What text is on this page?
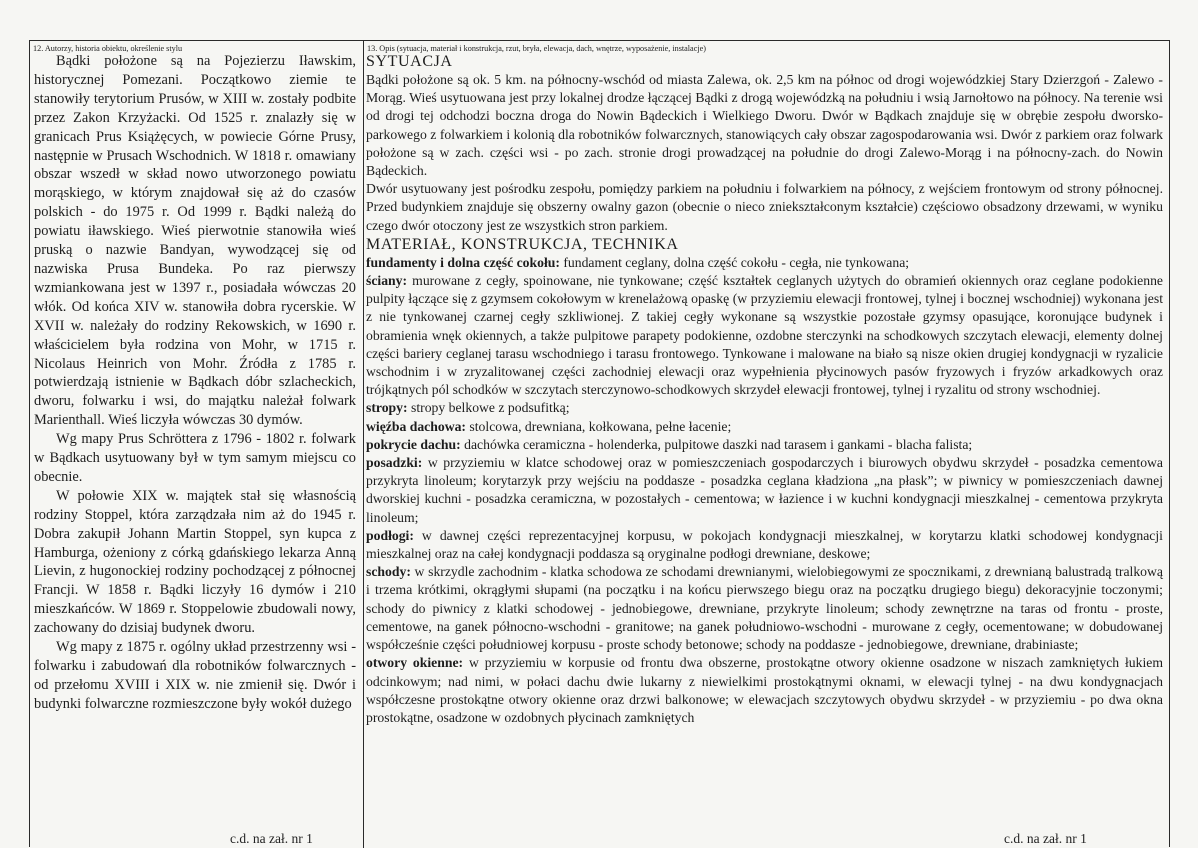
12. Autorzy, historia obiektu, określenie stylu	13. Opis (sytuacja, materiał i konstrukcja, rzut, bryła, elewacja, dach, wnętrze, wyposażenie, instalacje)

Bądki położone są na Pojezierzu Iławskim, historycznej Pomezani. Początkowo ziemie te stanowiły terytorium Prusów, w XIII w. zostały podbite przez Zakon Krzyżacki. Od 1525 r. znalazły się w granicach Prus Książęcych, w powiecie Górne Prusy, następnie w Prusach Wschodnich. W 1818 r. omawiany obszar wszedł w skład nowo utworzonego powiatu morąskiego, w którym znajdował się aż do czasów polskich - do 1975 r. Od 1999 r. Bądki należą do powiatu iławskiego. Wieś pierwotnie stanowiła wieś pruską o nazwie Bandyan, wywodzącej się od nazwiska Prusa Bundeka. Po raz pierwszy wzmiankowana jest w 1397 r., posiadała wówczas 20 włók. Od końca XIV w. stanowiła dobra rycerskie. W XVII w. należały do rodziny Rekowskich, w 1690 r. właścicielem była rodzina von Mohr, w 1715 r. Nicolaus Heinrich von Mohr. Źródła z 1785 r. potwierdzają istnienie w Bądkach dóbr szlacheckich, dworu, folwarku i wsi, do majątku należał folwark Marienthall. Wieś liczyła wówczas 30 dymów.

Wg mapy Prus Schröttera z 1796 - 1802 r. folwark w Bądkach usytuowany był w tym samym miejscu co obecnie.

W połowie XIX w. majątek stał się własnością rodziny Stoppel, która zarządzała nim aż do 1945 r. Dobra zakupił Johann Martin Stoppel, syn kupca z Hamburga, ożeniony z córką gdańskiego lekarza Anną Lievin, z hugonockiej rodziny pochodzącej z północnej Francji. W 1858 r. Bądki liczyły 16 dymów i 210 mieszkańców. W 1869 r. Stoppelowie zbudowali nowy, zachowany do dzisiaj budynek dworu.

Wg mapy z 1875 r. ogólny układ przestrzenny wsi - folwarku i zabudowań dla robotników folwarcznych - od przełomu XVIII i XIX w. nie zmienił się. Dwór i budynki folwarczne rozmieszczone były wokół dużego

SYTUACJA

Bądki położone są ok. 5 km. na północny-wschód od miasta Zalewa, ok. 2,5 km na północ od drogi wojewódzkiej Stary Dzierzgoń - Zalewo - Morąg. Wieś usytuowana jest przy lokalnej drodze łączącej Bądki z drogą wojewódzką na południu i wsią Jarnołtowo na północy. Na terenie wsi od drogi tej odchodzi boczna droga do Nowin Bądeckich i Wielkiego Dworu. Dwór w Bądkach znajduje się w obrębie zespołu dworsko-parkowego z folwarkiem i kolonią dla robotników folwarcznych, stanowiących cały obszar zagospodarowania wsi. Dwór z parkiem oraz folwark położone są w zach. części wsi - po zach. stronie drogi prowadzącej na południe do drogi Zalewo-Morąg i na północny-zach. do Nowin Bądeckich.

Dwór usytuowany jest pośrodku zespołu, pomiędzy parkiem na południu i folwarkiem na północy, z wejściem frontowym od strony północnej. Przed budynkiem znajduje się obszerny owalny gazon (obecnie o nieco zniekształconym kształcie) częściowo obsadzony drzewami, w wyniku czego dwór otoczony jest ze wszystkich stron parkiem.

MATERIAŁ, KONSTRUKCJA, TECHNIKA

fundamenty i dolna część cokołu: fundament ceglany, dolna część cokołu - cegła, nie tynkowana;

ściany: murowane z cegły, spoinowane, nie tynkowane; część kształtek ceglanych użytych do obramień okiennych oraz ceglane podokienne pulpity łączące się z gzymsem cokołowym w krenelażową opaskę (w przyziemiu elewacji frontowej, tylnej i bocznej wschodniej) wykonana jest z nie tynkowanej czarnej cegły szkliwionej. Z takiej cegły wykonane są wszystkie pozostałe gzymsy opasujące, koronujące budynek i obramienia wnęk okiennych, a także pulpitowe parapety podokienne, ozdobne sterczynki na schodkowych szczytach elewacji, elementy dolnej części bariery ceglanej tarasu wschodniego i tarasu frontowego. Tynkowane i malowane na biało są nisze okien drugiej kondygnacji w ryzalicie wschodnim i w zryzalitowanej części zachodniej elewacji oraz wypełnienia płycinowych pasów fryzowych i fryzów arkadkowych oraz trójkątnych pól schodków w szczytach sterczynowo-schodkowych skrzydeł elewacji frontowej, tylnej i ryzalitu od strony wschodniej.

stropy: stropy belkowe z podsufitką;

więźba dachowa: stolcowa, drewniana, kołkowana, pełne łacenie;

pokrycie dachu: dachówka ceramiczna - holenderka, pulpitowe daszki nad tarasem i gankami - blacha falista;

posadzki: w przyziemiu w klatce schodowej oraz w pomieszczeniach gospodarczych i biurowych obydwu skrzydeł - posadzka cementowa przykryta linoleum; korytarzyk przy wejściu na poddasze - posadzka ceglana kładziona „na płask”; w piwnicy w pomieszczeniach dawnej dworskiej kuchni - posadzka ceramiczna, w pozostałych - cementowa; w łazience i w kuchni kondygnacji mieszkalnej - cementowa przykryta linoleum;

podłogi: w dawnej części reprezentacyjnej korpusu, w pokojach kondygnacji mieszkalnej, w korytarzu klatki schodowej kondygnacji mieszkalnej oraz na całej kondygnacji poddasza są oryginalne podłogi drewniane, deskowe;

schody: w skrzydle zachodnim - klatka schodowa ze schodami drewnianymi, wielobiegowymi ze spocznikami, z drewnianą balustradą tralkową i trzema krótkimi, okrągłymi słupami (na początku i na końcu pierwszego biegu oraz na początku drugiego biegu) dekoracyjnie toczonymi; schody do piwnicy z klatki schodowej - jednobiegowe, drewniane, przykryte linoleum; schody zewnętrzne na taras od frontu - proste, cementowe, na ganek północno-wschodni - granitowe; na ganek południowo-wschodni - murowane z cegły, ocementowane; w dobudowanej współcześnie części południowej korpusu - proste schody betonowe; schody na poddasze - jednobiegowe, drewniane, drabiniaste;

otwory okienne: w przyziemiu w korpusie od frontu dwa obszerne, prostokątne otwory okienne osadzone w niszach zamkniętych łukiem odcinkowym; nad nimi, w połaci dachu dwie lukarny z niewielkimi prostokątnymi oknami, w elewacji tylnej - na dwu kondygnacjach współczesne prostokątne otwory okienne oraz drzwi balkonowe; w elewacjach szczytowych obydwu skrzydeł - w przyziemiu - po dwa okna prostokątne, osadzone w ozdobnych płycinach zamkniętych

c.d. na zał. nr 1	c.d. na zał. nr 1
